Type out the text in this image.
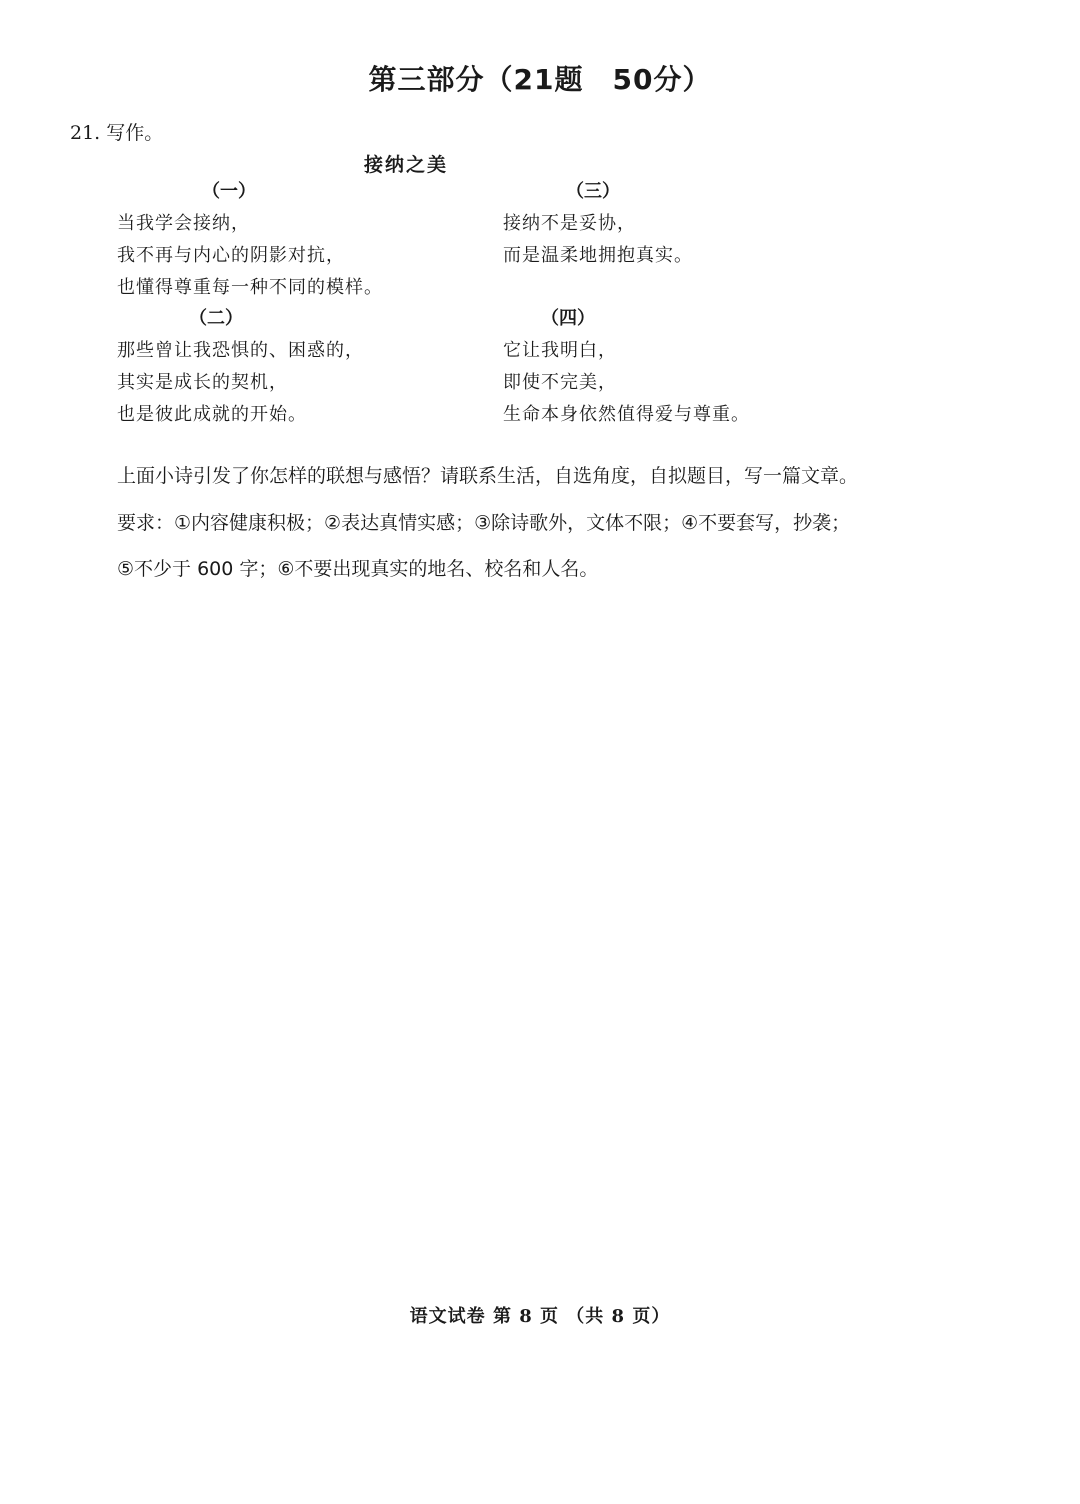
第三部分（21题　50分）
21. 写作。
接纳之美
（一）
当我学会接纳，
我不再与内心的阴影对抗，
也懂得尊重每一种不同的模样。
（二）
那些曾让我恐惧的、困惑的，
其实是成长的契机，
也是彼此成就的开始。
（三）
接纳不是妥协，
而是温柔地拥抱真实。
（四）
它让我明白，
即使不完美，
生命本身依然值得爱与尊重。
上面小诗引发了你怎样的联想与感悟？请联系生活，自选角度，自拟题目，写一篇文章。
要求：①内容健康积极；②表达真情实感；③除诗歌外，文体不限；④不要套写，抄袭；
⑤不少于 600 字；⑥不要出现真实的地名、校名和人名。
语文试卷 第 8 页 （共 8 页）
